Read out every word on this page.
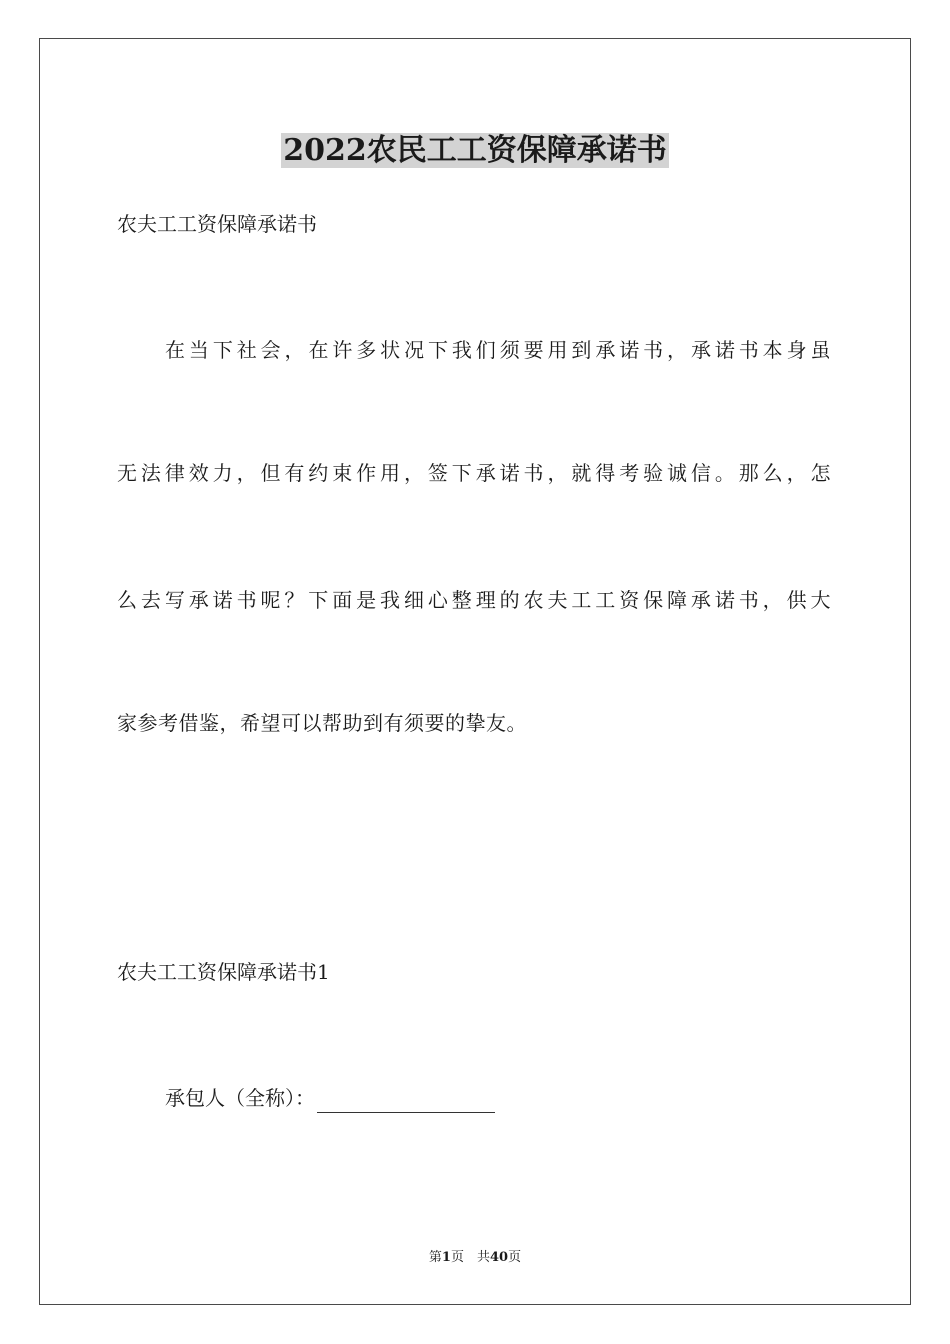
2022农民工工资保障承诺书
农夫工工资保障承诺书
在当下社会，在许多状况下我们须要用到承诺书，承诺书本身虽
无法律效力，但有约束作用，签下承诺书，就得考验诚信。那么，怎
么去写承诺书呢？下面是我细心整理的农夫工工资保障承诺书，供大
家参考借鉴，希望可以帮助到有须要的挚友。
农夫工工资保障承诺书1
承包人（全称）：
第1页　共40页
